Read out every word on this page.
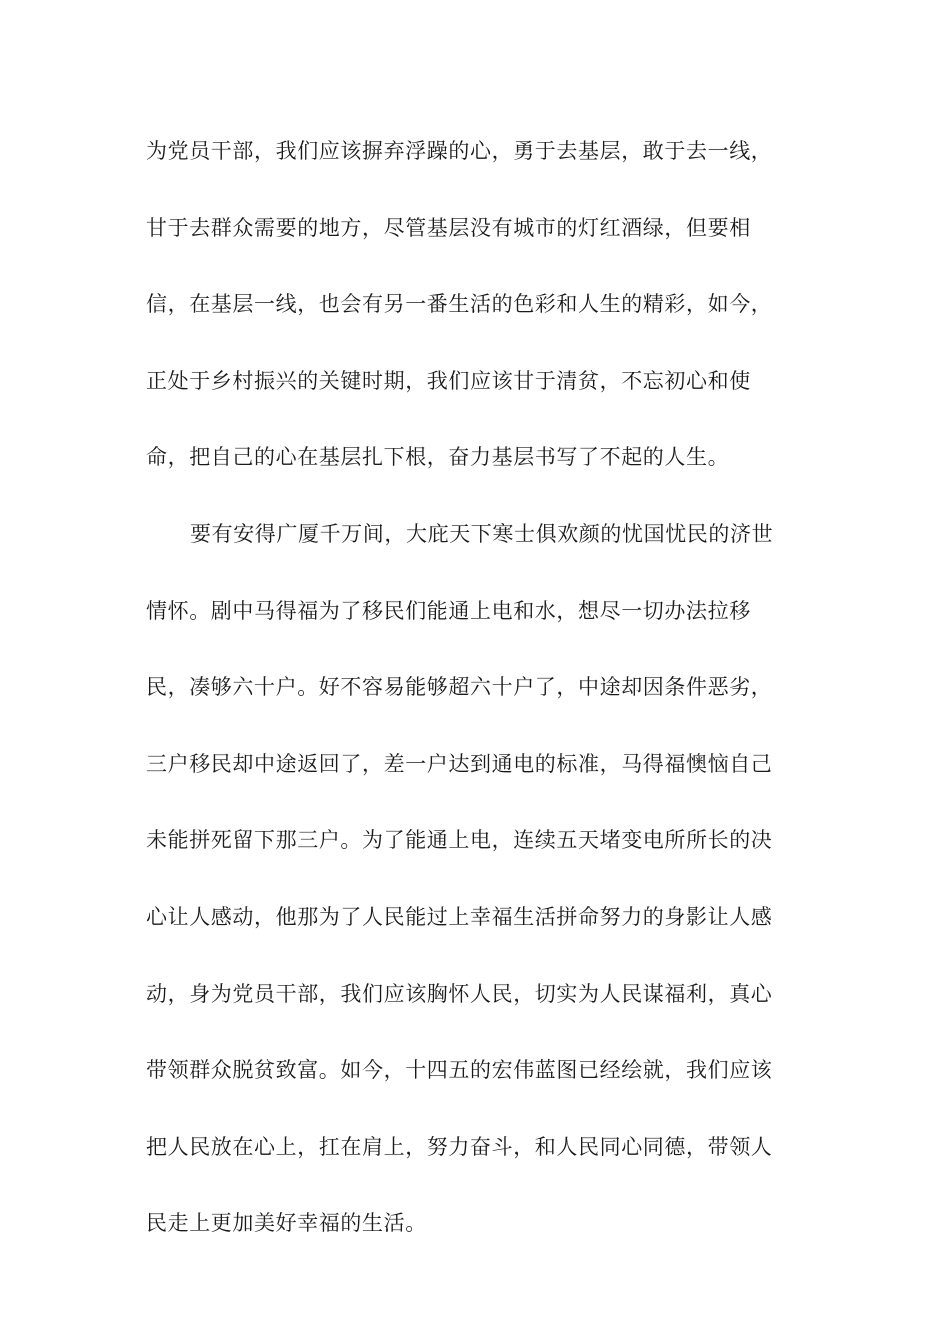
为党员干部，我们应该摒弃浮躁的心，勇于去基层，敢于去一线，
甘于去群众需要的地方，尽管基层没有城市的灯红酒绿，但要相
信，在基层一线，也会有另一番生活的色彩和人生的精彩，如今，
正处于乡村振兴的关键时期，我们应该甘于清贫，不忘初心和使
命，把自己的心在基层扎下根，奋力基层书写了不起的人生。
要有安得广厦千万间，大庇天下寒士俱欢颜的忧国忧民的济世
情怀。剧中马得福为了移民们能通上电和水，想尽一切办法拉移
民，凑够六十户。好不容易能够超六十户了，中途却因条件恶劣，
三户移民却中途返回了，差一户达到通电的标准，马得福懊恼自己
未能拼死留下那三户。为了能通上电，连续五天堵变电所所长的决
心让人感动，他那为了人民能过上幸福生活拼命努力的身影让人感
动，身为党员干部，我们应该胸怀人民，切实为人民谋福利，真心
带领群众脱贫致富。如今，十四五的宏伟蓝图已经绘就，我们应该
把人民放在心上，扛在肩上，努力奋斗，和人民同心同德，带领人
民走上更加美好幸福的生活。
